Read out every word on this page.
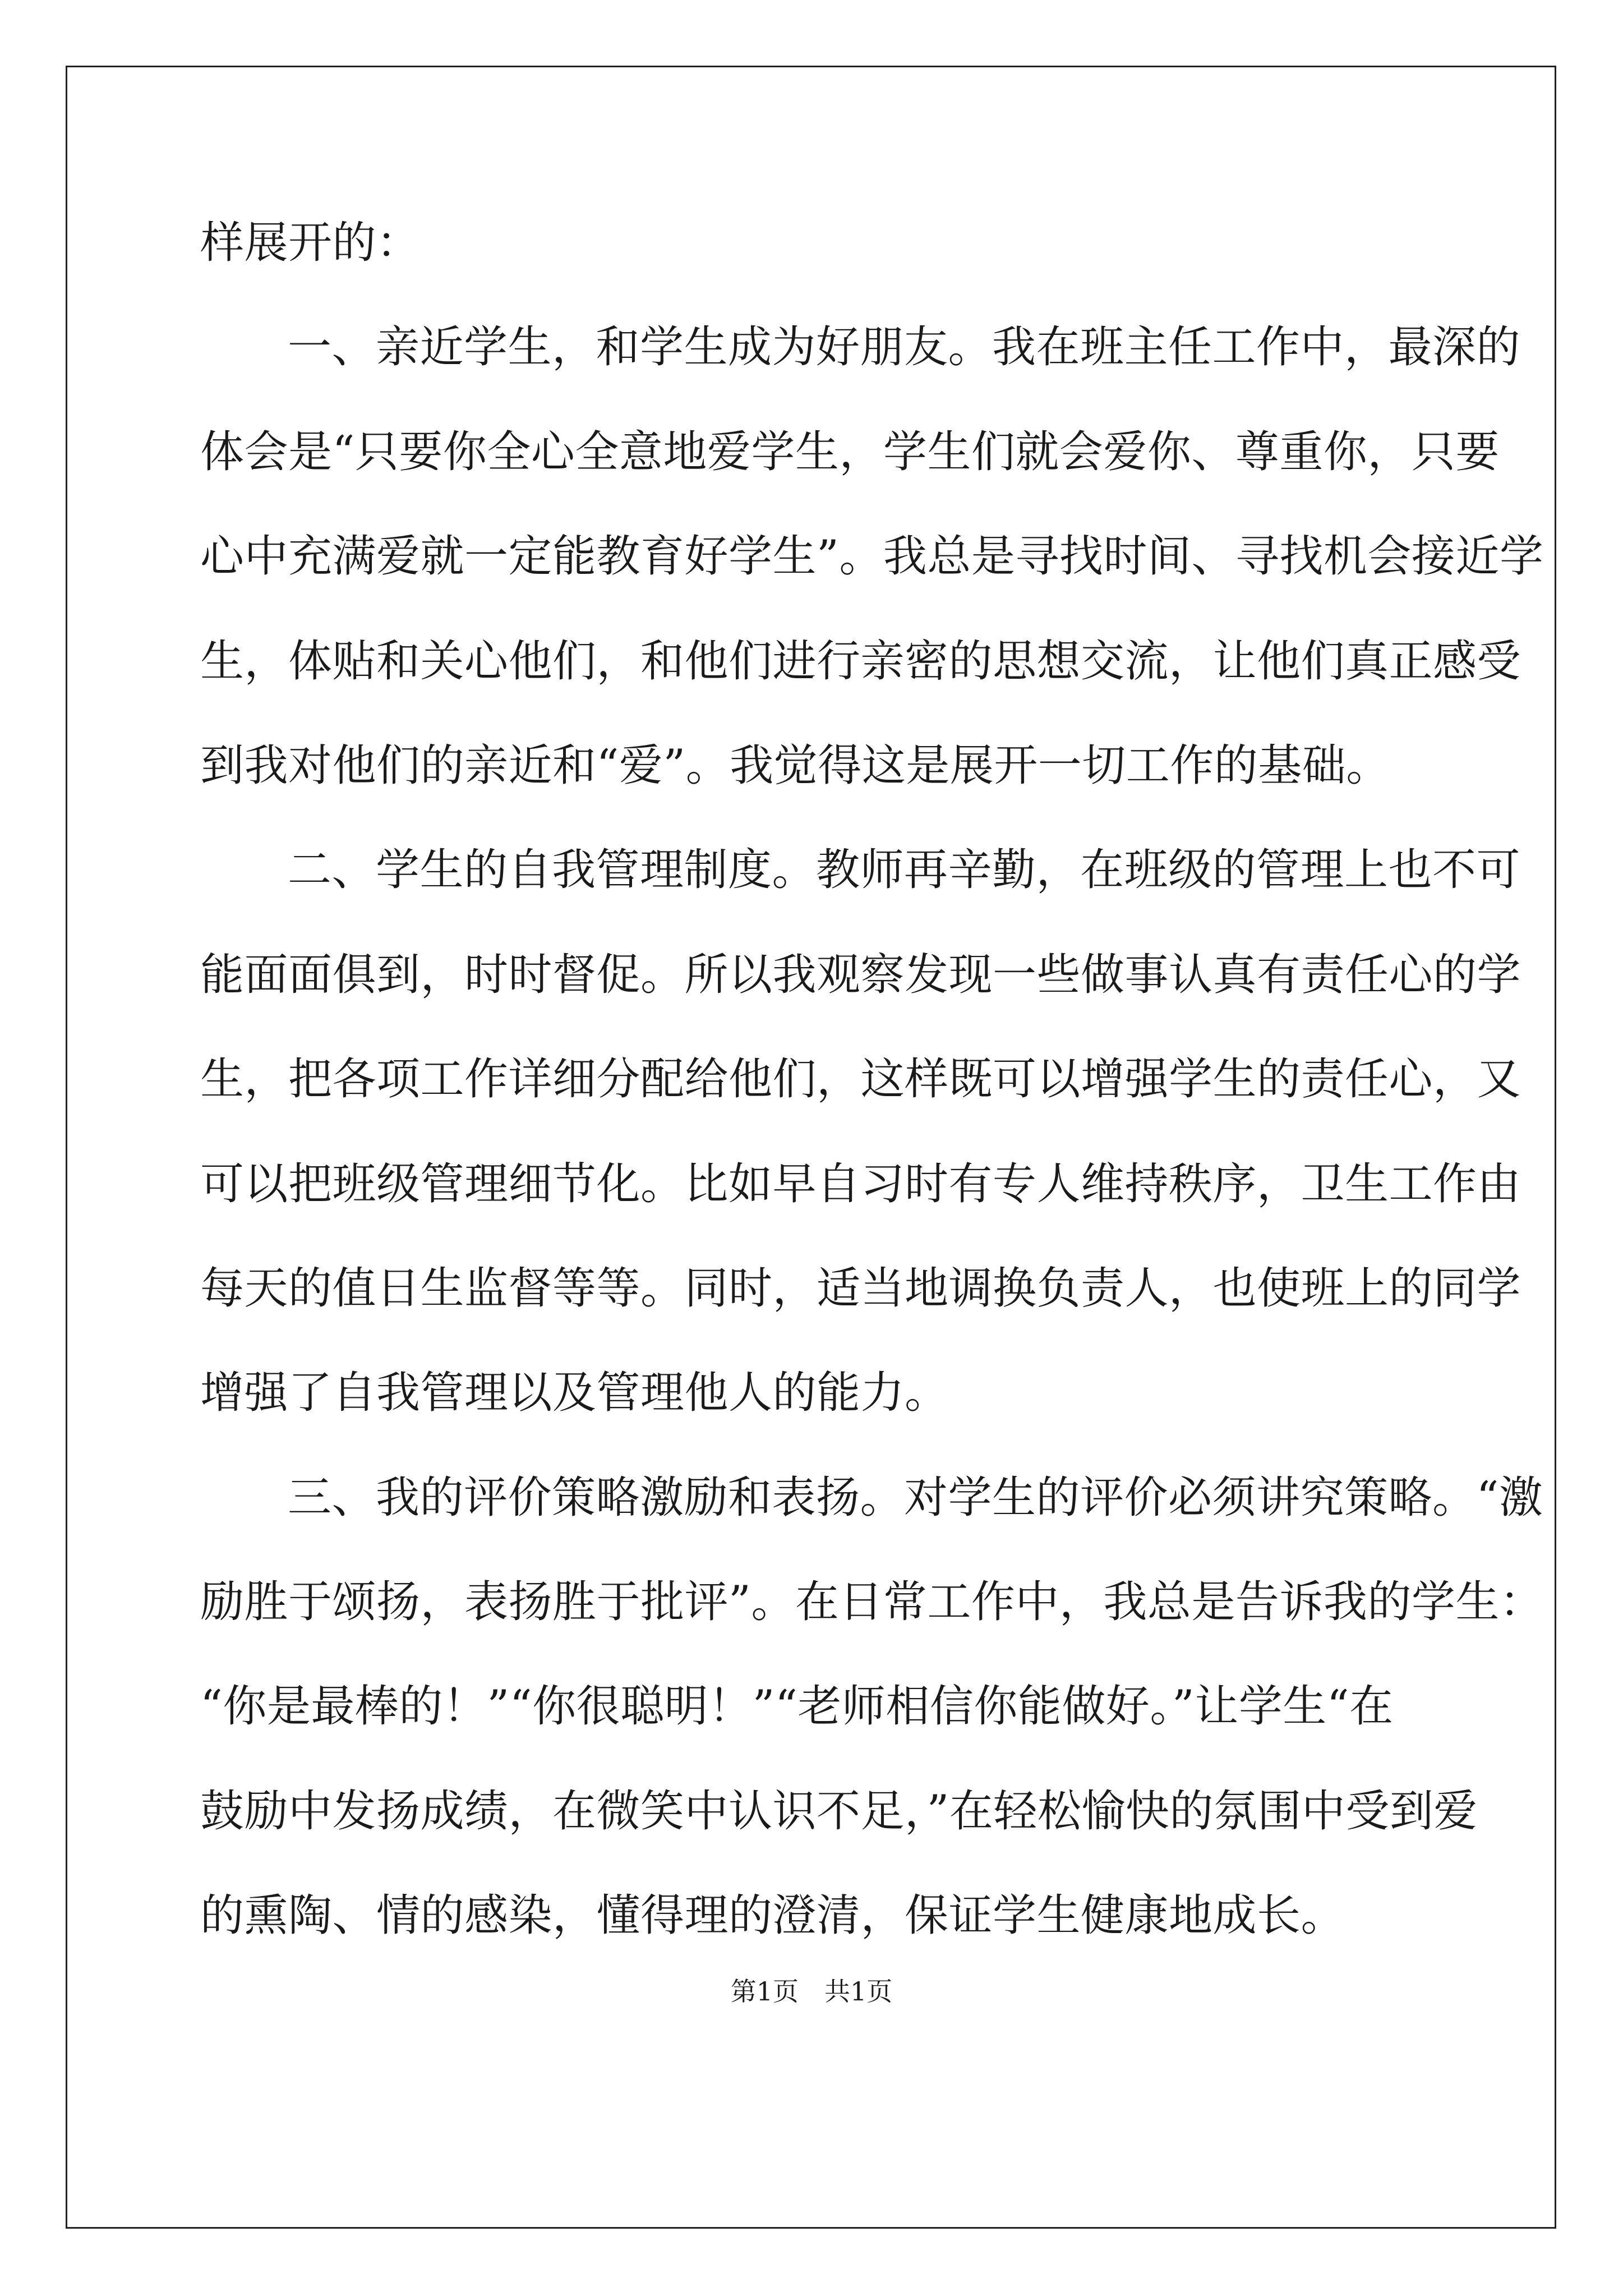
样展开的：
一、亲近学生，和学生成为好朋友。我在班主任工作中，最深的
体会是“只要你全心全意地爱学生，学生们就会爱你、尊重你，只要
心中充满爱就一定能教育好学生”。我总是寻找时间、寻找机会接近学
生，体贴和关心他们，和他们进行亲密的思想交流，让他们真正感受
到我对他们的亲近和“爱”。我觉得这是展开一切工作的基础。
二、学生的自我管理制度。教师再辛勤，在班级的管理上也不可
能面面俱到，时时督促。所以我观察发现一些做事认真有责任心的学
生，把各项工作详细分配给他们，这样既可以增强学生的责任心，又
可以把班级管理细节化。比如早自习时有专人维持秩序，卫生工作由
每天的值日生监督等等。同时，适当地调换负责人，也使班上的同学
增强了自我管理以及管理他人的能力。
三、我的评价策略激励和表扬。对学生的评价必须讲究策略。“激
励胜于颂扬，表扬胜于批评”。在日常工作中，我总是告诉我的学生：
“你是最棒的！”“你很聪明！”“老师相信你能做好。”让学生“在
鼓励中发扬成绩，在微笑中认识不足，”在轻松愉快的氛围中受到爱
的熏陶、情的感染，懂得理的澄清，保证学生健康地成长。
第1页　共1页
